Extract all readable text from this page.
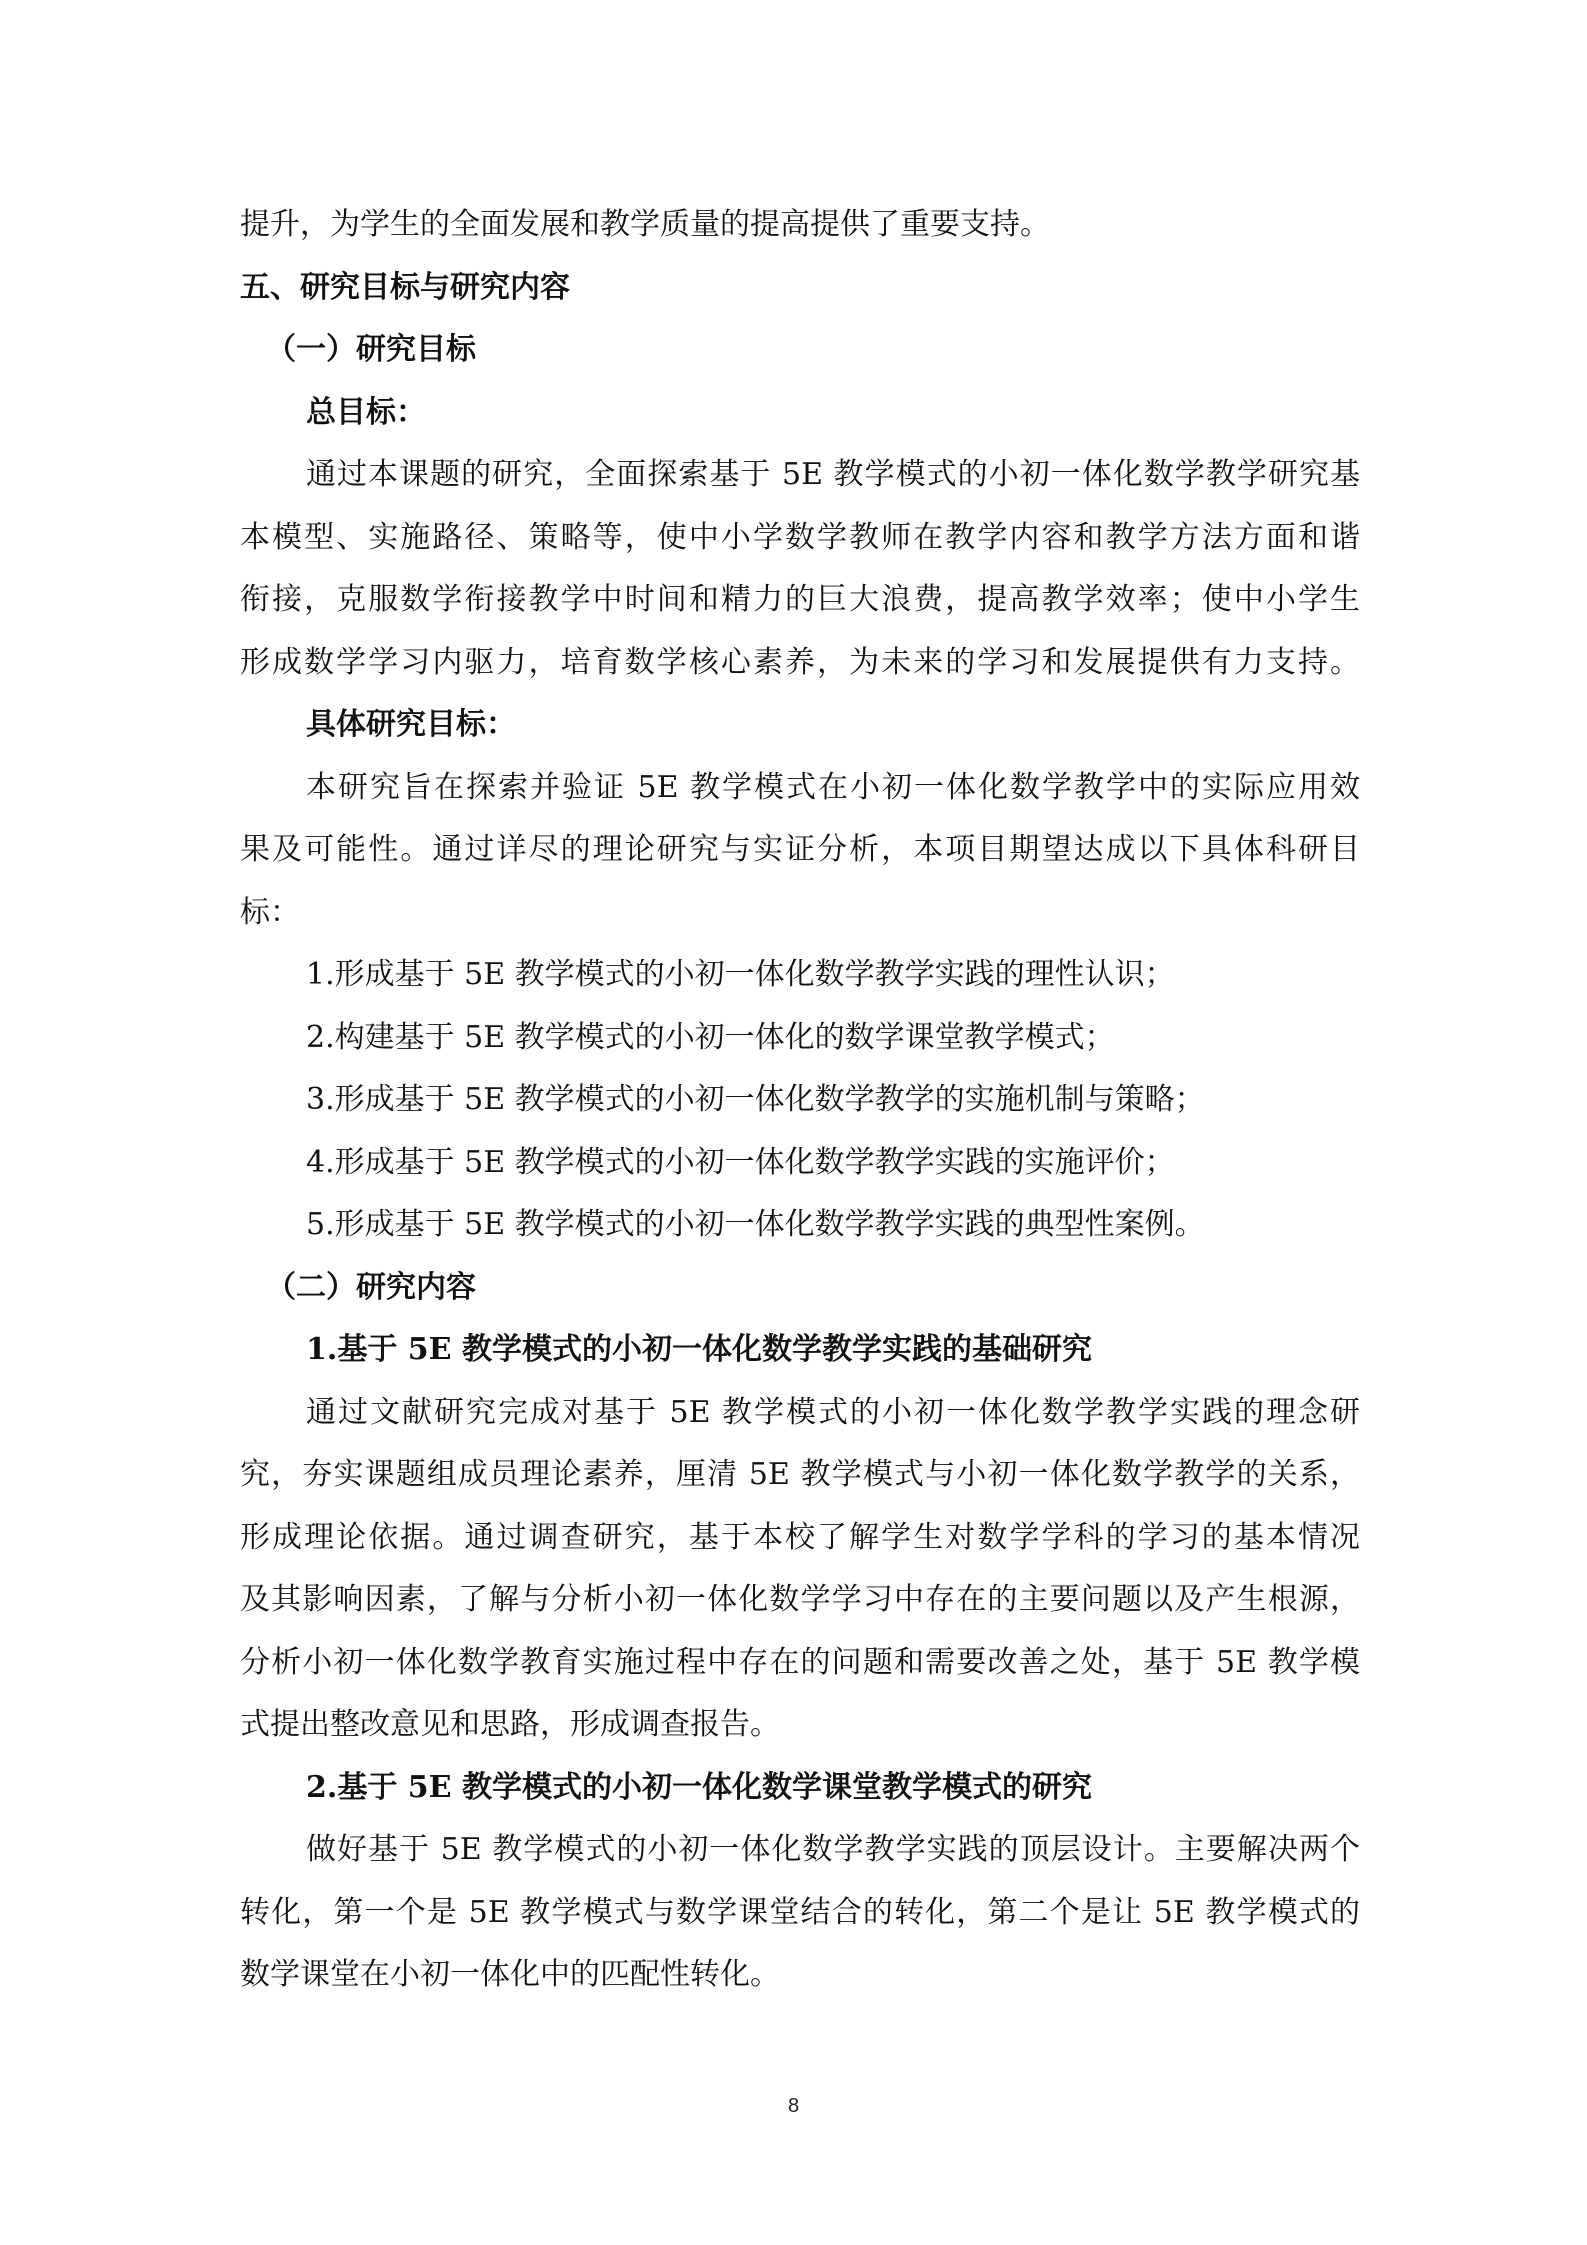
提升，为学生的全面发展和教学质量的提高提供了重要支持。
五、研究目标与研究内容
（一）研究目标
总目标：
通过本课题的研究，全面探索基于 5E 教学模式的小初一体化数学教学研究基
本模型、实施路径、策略等，使中小学数学教师在教学内容和教学方法方面和谐
衔接，克服数学衔接教学中时间和精力的巨大浪费，提高教学效率；使中小学生
形成数学学习内驱力，培育数学核心素养，为未来的学习和发展提供有力支持。
具体研究目标：
本研究旨在探索并验证 5E 教学模式在小初一体化数学教学中的实际应用效
果及可能性。通过详尽的理论研究与实证分析，本项目期望达成以下具体科研目
标：
1.形成基于 5E 教学模式的小初一体化数学教学实践的理性认识；
2.构建基于 5E 教学模式的小初一体化的数学课堂教学模式；
3.形成基于 5E 教学模式的小初一体化数学教学的实施机制与策略；
4.形成基于 5E 教学模式的小初一体化数学教学实践的实施评价；
5.形成基于 5E 教学模式的小初一体化数学教学实践的典型性案例。
（二）研究内容
1.基于 5E 教学模式的小初一体化数学教学实践的基础研究
通过文献研究完成对基于 5E 教学模式的小初一体化数学教学实践的理念研
究，夯实课题组成员理论素养，厘清 5E 教学模式与小初一体化数学教学的关系，
形成理论依据。通过调查研究，基于本校了解学生对数学学科的学习的基本情况
及其影响因素，了解与分析小初一体化数学学习中存在的主要问题以及产生根源，
分析小初一体化数学教育实施过程中存在的问题和需要改善之处，基于 5E 教学模
式提出整改意见和思路，形成调查报告。
2.基于 5E 教学模式的小初一体化数学课堂教学模式的研究
做好基于 5E 教学模式的小初一体化数学教学实践的顶层设计。主要解决两个
转化，第一个是 5E 教学模式与数学课堂结合的转化，第二个是让 5E 教学模式的
数学课堂在小初一体化中的匹配性转化。
8
